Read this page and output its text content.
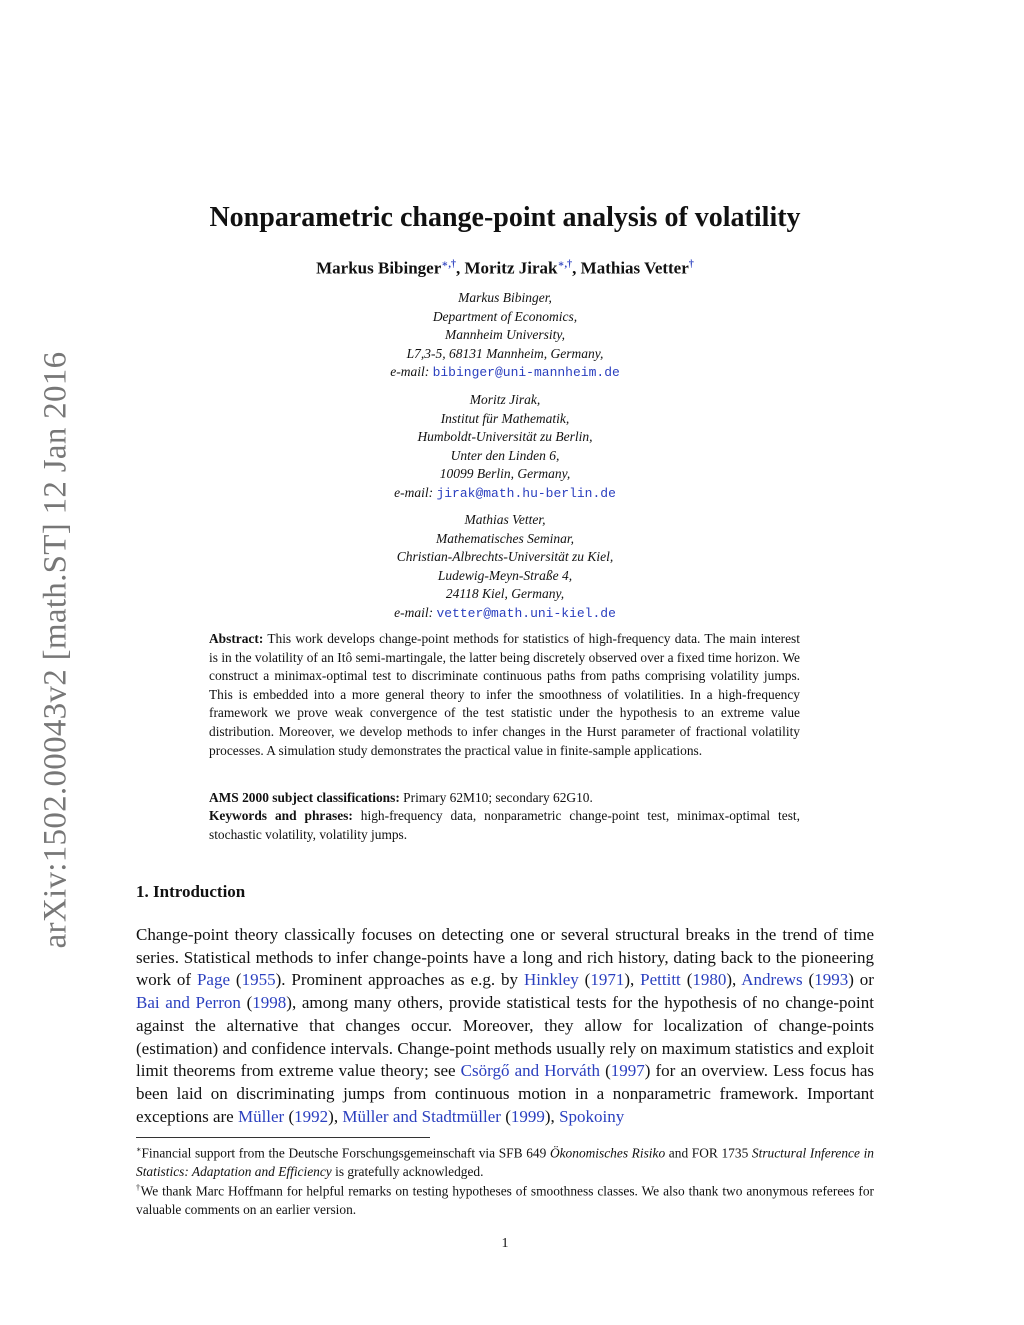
arXiv:1502.00043v2 [math.ST] 12 Jan 2016
Nonparametric change-point analysis of volatility
Markus Bibinger∗,†, Moritz Jirak∗,†, Mathias Vetter†
Markus Bibinger,
Department of Economics,
Mannheim University,
L7,3-5, 68131 Mannheim, Germany,
e-mail: bibinger@uni-mannheim.de
Moritz Jirak,
Institut für Mathematik,
Humboldt-Universität zu Berlin,
Unter den Linden 6,
10099 Berlin, Germany,
e-mail: jirak@math.hu-berlin.de
Mathias Vetter,
Mathematisches Seminar,
Christian-Albrechts-Universität zu Kiel,
Ludewig-Meyn-Straße 4,
24118 Kiel, Germany,
e-mail: vetter@math.uni-kiel.de
Abstract: This work develops change-point methods for statistics of high-frequency data. The main interest is in the volatility of an Itô semi-martingale, the latter being discretely observed over a fixed time horizon. We construct a minimax-optimal test to discriminate continuous paths from paths comprising volatility jumps. This is embedded into a more general theory to infer the smoothness of volatilities. In a high-frequency framework we prove weak convergence of the test statistic under the hypothesis to an extreme value distribution. Moreover, we develop methods to infer changes in the Hurst parameter of fractional volatility processes. A simulation study demonstrates the practical value in finite-sample applications.
AMS 2000 subject classifications: Primary 62M10; secondary 62G10.
Keywords and phrases: high-frequency data, nonparametric change-point test, minimax-optimal test, stochastic volatility, volatility jumps.
1. Introduction
Change-point theory classically focuses on detecting one or several structural breaks in the trend of time series. Statistical methods to infer change-points have a long and rich history, dating back to the pioneering work of Page (1955). Prominent approaches as e.g. by Hinkley (1971), Pettitt (1980), Andrews (1993) or Bai and Perron (1998), among many others, provide statistical tests for the hypothesis of no change-point against the alternative that changes occur. Moreover, they allow for localization of change-points (estimation) and confidence intervals. Change-point methods usually rely on maximum statistics and exploit limit theorems from extreme value theory; see Csörgő and Horváth (1997) for an overview. Less focus has been laid on discriminating jumps from continuous motion in a nonparametric framework. Important exceptions are Müller (1992), Müller and Stadtmüller (1999), Spokoiny
∗Financial support from the Deutsche Forschungsgemeinschaft via SFB 649 Ökonomisches Risiko and FOR 1735 Structural Inference in Statistics: Adaptation and Efficiency is gratefully acknowledged.
†We thank Marc Hoffmann for helpful remarks on testing hypotheses of smoothness classes. We also thank two anonymous referees for valuable comments on an earlier version.
1
